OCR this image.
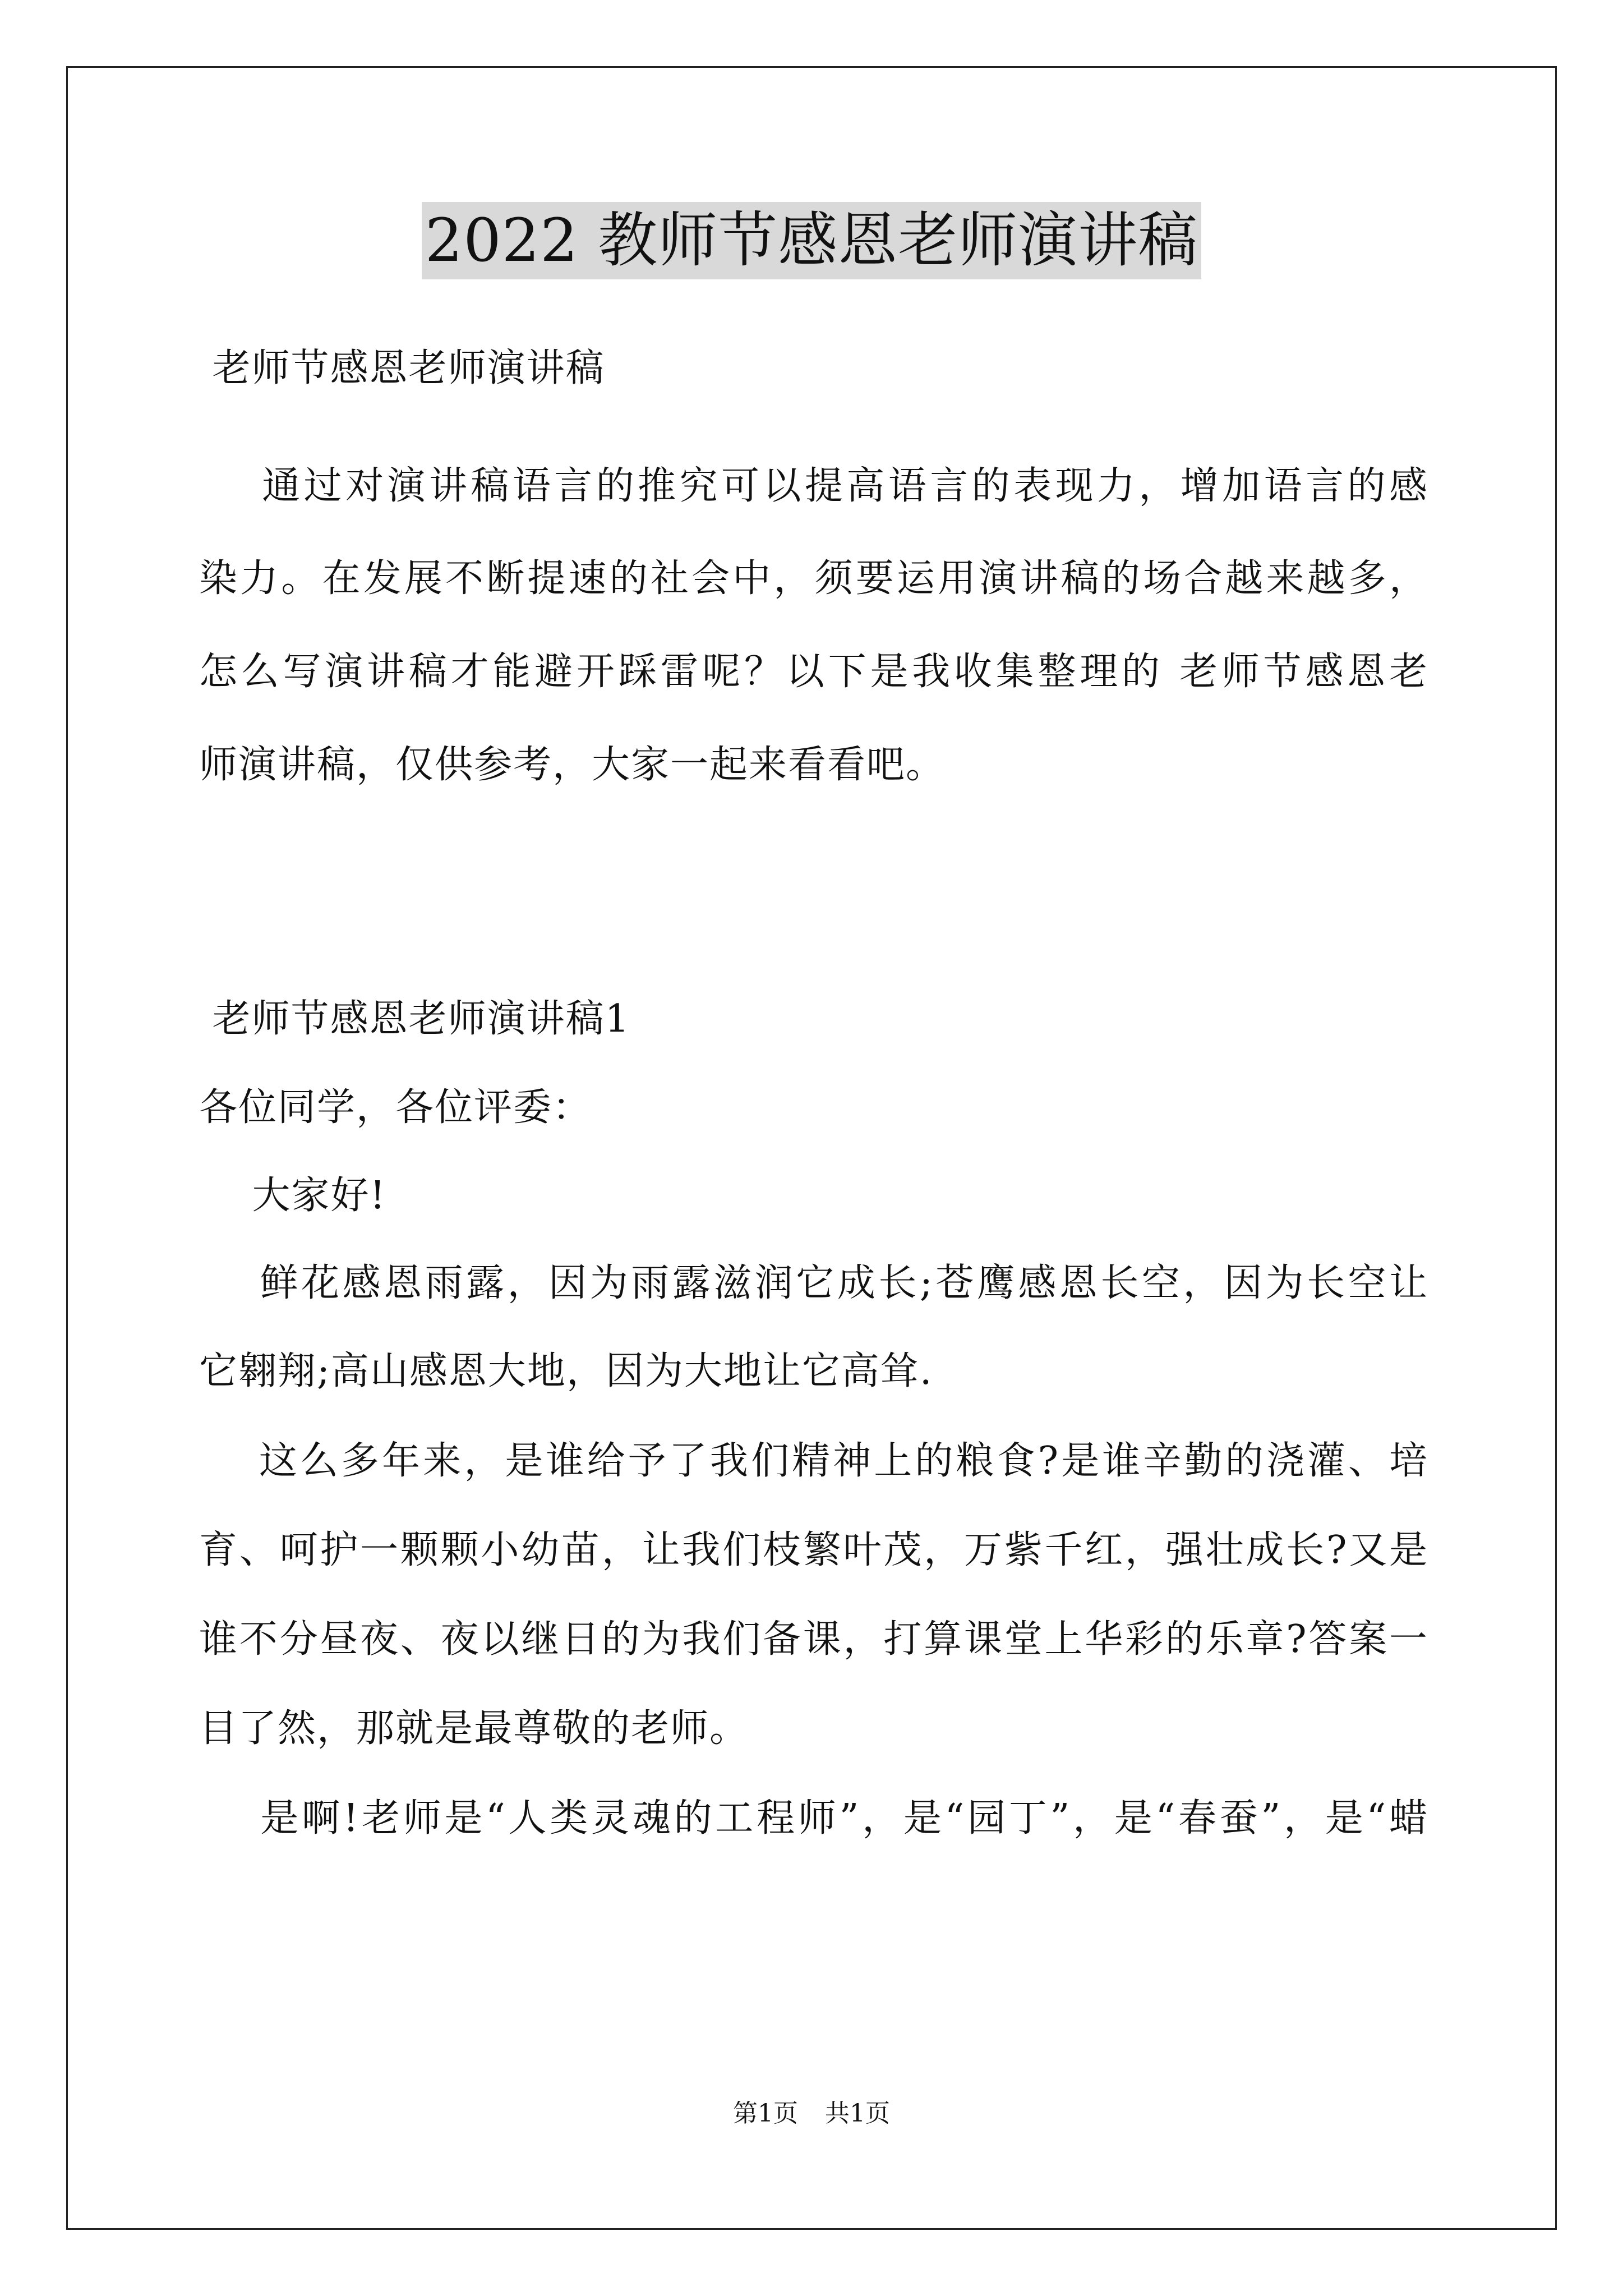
2022 教师节感恩老师演讲稿
老师节感恩老师演讲稿
通过对演讲稿语言的推究可以提高语言的表现力，增加语言的感
染力。在发展不断提速的社会中，须要运用演讲稿的场合越来越多，
怎么写演讲稿才能避开踩雷呢？以下是我收集整理的 老师节感恩老
师演讲稿，仅供参考，大家一起来看看吧。
老师节感恩老师演讲稿1
各位同学，各位评委：
大家好!
鲜花感恩雨露，因为雨露滋润它成长;苍鹰感恩长空，因为长空让
它翱翔;高山感恩大地，因为大地让它高耸.
这么多年来，是谁给予了我们精神上的粮食?是谁辛勤的浇灌、培
育、呵护一颗颗小幼苗，让我们枝繁叶茂，万紫千红，强壮成长?又是
谁不分昼夜、夜以继日的为我们备课，打算课堂上华彩的乐章?答案一
目了然，那就是最尊敬的老师。
是啊!老师是“人类灵魂的工程师”，是“园丁”，是“春蚕”，是“蜡
第1页 共1页
